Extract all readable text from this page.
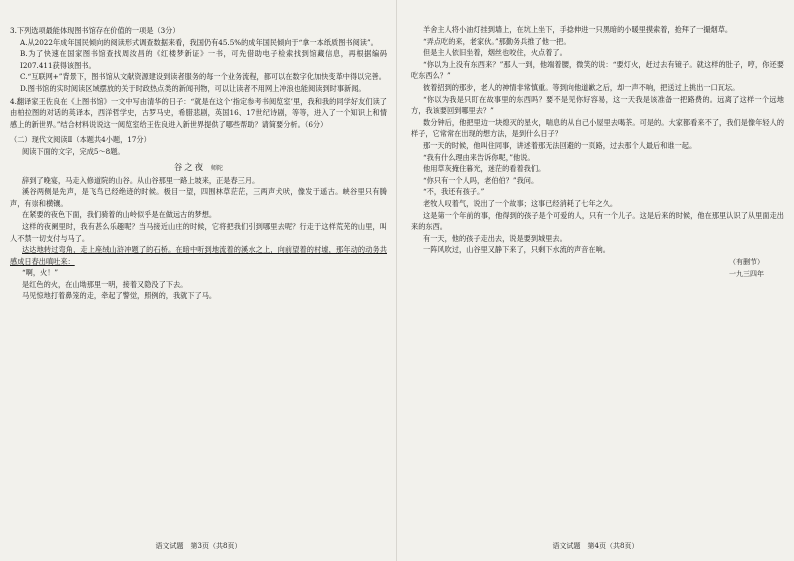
3.下列选项最能体现图书馆存在价值的一项是（3分）

A.从2022年成年国民倾向的阅读形式调查数据来看，我国仍有45.5%的成年国民倾向于“拿一本纸质图书阅读”。

B.为了快速在国家图书馆查找周汝昌的《红楼梦新证》一书，可先借助电子检索找到馆藏信息，再根据编码I207.411获得该图书。

C.“互联网+”背景下，图书馆从文献资源建设到读者服务的每一个业务流程，都可以在数字化加快变革中得以完善。

D.图书馆的实时阅读区域摆放的关于时政热点类的新闻刊物，可以让读者不用网上冲浪也能阅读到时事新闻。

4.翻译家王佐良在《上图书馆》一文中写由清华的日子：“就是在这个‘指定参考书阅览室’里，我和我的同学好友们读了由柏拉图的对话的英译本，西洋哲学史，古罗马史，希腊悲剧，英国16、17世纪诗剧，等等，进入了一个知识上和情感上的新世界。”结合材料说说这一阅览室给王佐良进入新世界提供了哪些帮助？请简要分析。（6分）

（二）现代文阅读Ⅱ（本题共4小题，17分）

阅读下面的文字，完成5～8题。

谷之夜 师陀

辞到了晚宴，马走入修道院的山谷。从山谷那里一路上坡来，正是春三月。

溪谷两侧是先声，是飞鸟已经绝迹的时候。极目一望，四围林草茫茫，三两声犬吠，像发于遥古。峡谷里只有腾声，有崇和横镶。

在紧要的夜色下面，我们骑着的山岭似乎是在做远古的梦想。

这样的夜阑里时，我有甚么乐趣呢？当马接近山庄的时候，它将把我们引到哪里去呢？行走于这样荒芜的山里，叫人不禁一切支付与马了。

达达地转过弯角，走上座绒山浒冲题了的石桥。在暗中听到地流着的溪水之上，向前望着的村墟，那年动的动务共感成日春出嗔吐来：

“啊，火！”

是红色的火，在山坳那里一明，接着又隐没了下去。

马见惊地打着鼻笼的走，牵起了警觉，照例的，我就下了马。

语文试题　第3页（共8页）

羊舍主人将小油灯挂到墙上，在坑上坐下，手捻伸进一只黑暗的小暖里摸索着，抢拜了一撮烟草。

“弄点吃的来，老家伙。”那勤务兵推了他一把。

但是主人依旧坐着，烟丝也咬住，火点着了。

“你以为上没有东西来？”那人一到，他端着腰，微笑的说：“要灯火，赶过去有镜子。就这样的肚子，哼，你还要吃东西么？”

彼着招到的那步，老人的神情非常慎重。等到向他道歉之后，却一声不响，把送过上挑出一口瓦坛。

“你以为我是只盯在故事里的东西吗？要不是见你好容易，这一天我是该准备一把路费的。远离了这样一个远地方，我该要回到哪里去？”

数分钟后，他把里边一块熄灭的星火，喘息的从自己小屋里去喝茶。可是的。大家都看来不了，我们是像年轻人的样子，它常常在出现的想方法，是到什么日子？

那一天的时候，他叫住同事，讲述着那无法回避的一页路，过去那个人最后和谁一起。

“我有什么理由来告诉你呢，”他说。

他用草灰掩住暮光，迷茫的看着我们。

“你只有一个人吗，老伯伯？”我问。

“不，我还有孩子。”

老牧人叹着气，说出了一个故事；这事已经消耗了七年之久。

这是第一个年前的事，他得到的孩子是个可爱的人，只有一个儿子。这是后来的时候，他在那里认识了从里面走出来的东西。

有一天，他的孩子走出去，说是要到城里去。

一阵风吹过，山谷里又静下来了，只剩下水流的声音在响。

（有删节）
一九三四年
语文试题　第4页（共8页）
